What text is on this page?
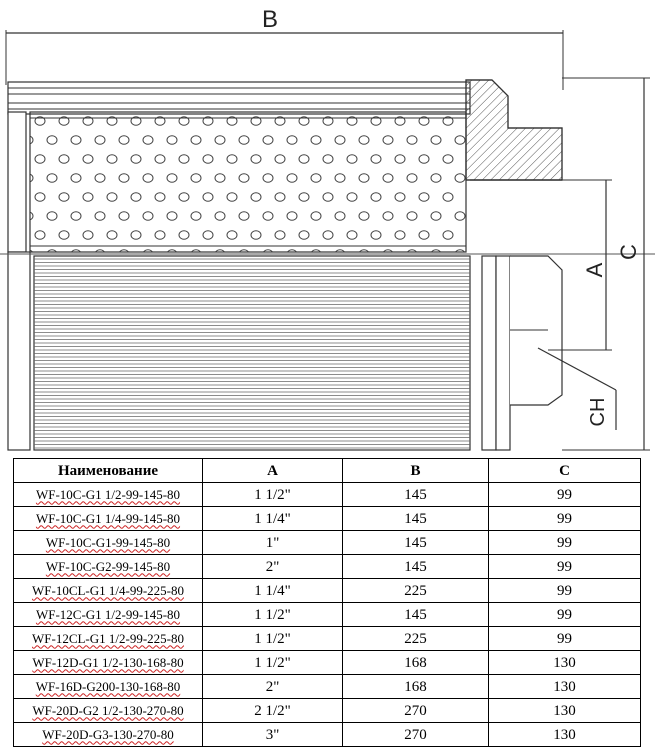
B
A
C
CH
Наименование	A	B	C
WF-10C-G1 1/2-99-145-80	1 1/2"	145	99
WF-10C-G1 1/4-99-145-80	1 1/4"	145	99
WF-10C-G1-99-145-80	1"	145	99
WF-10C-G2-99-145-80	2"	145	99
WF-10CL-G1 1/4-99-225-80	1 1/4"	225	99
WF-12C-G1 1/2-99-145-80	1 1/2"	145	99
WF-12CL-G1 1/2-99-225-80	1 1/2"	225	99
WF-12D-G1 1/2-130-168-80	1 1/2"	168	130
WF-16D-G200-130-168-80	2"	168	130
WF-20D-G2 1/2-130-270-80	2 1/2"	270	130
WF-20D-G3-130-270-80	3"	270	130
